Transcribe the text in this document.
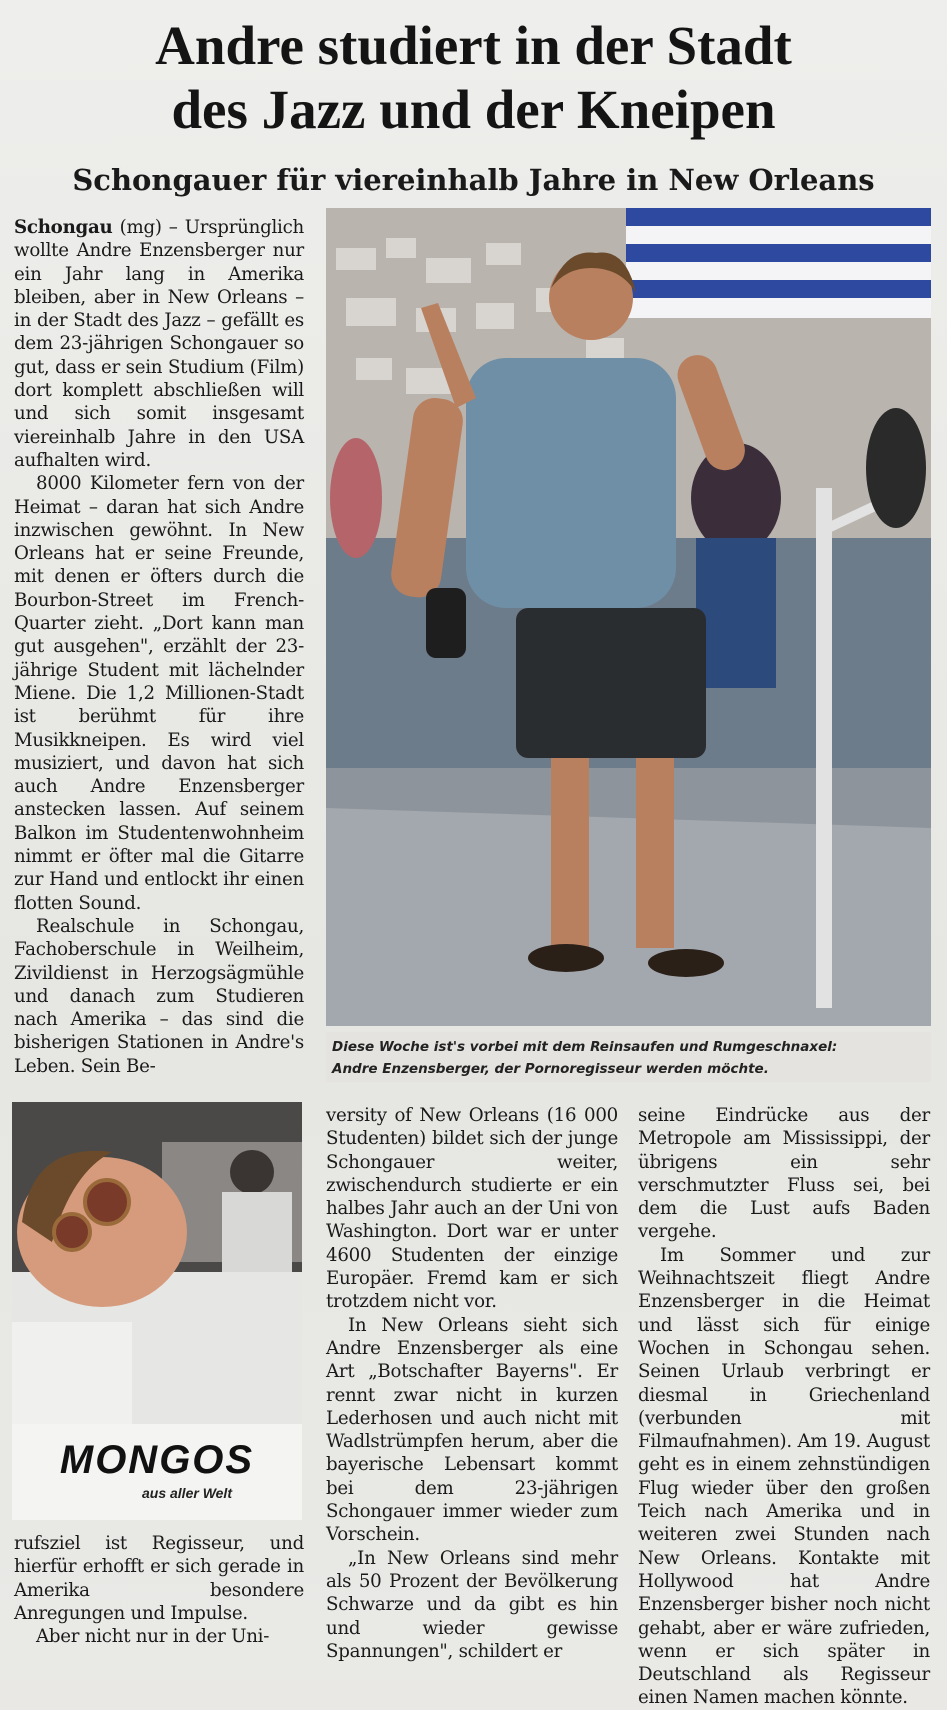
Andre studiert in der Stadt
des Jazz und der Kneipen
Schongauer für viereinhalb Jahre in New Orleans

Schongau (mg) – Ursprünglich wollte Andre Enzensberger nur ein Jahr lang in Amerika bleiben, aber in New Orleans – in der Stadt des Jazz – gefällt es dem 23-jährigen Schongauer so gut, dass er sein Studium (Film) dort komplett abschließen will und sich somit insgesamt viereinhalb Jahre in den USA aufhalten wird.

8000 Kilometer fern von der Heimat – daran hat sich Andre inzwischen gewöhnt. In New Orleans hat er seine Freunde, mit denen er öfters durch die Bourbon-Street im French-Quarter zieht. „Dort kann man gut ausgehen", erzählt der 23-jährige Student mit lächelnder Miene. Die 1,2 Millionen-Stadt ist berühmt für ihre Musikkneipen. Es wird viel musiziert, und davon hat sich auch Andre Enzensberger anstecken lassen. Auf seinem Balkon im Studentenwohnheim nimmt er öfter mal die Gitarre zur Hand und entlockt ihr einen flotten Sound.

Realschule in Schongau, Fachoberschule in Weilheim, Zivildienst in Herzogsägmühle und danach zum Studieren nach Amerika – das sind die bisherigen Stationen in Andre's Leben. Sein Be-

Diese Woche ist's vorbei mit dem Reinsaufen und Rumgeschnaxel:
Andre Enzensberger, der Pornoregisseur werden möchte.
MONGOS
aus aller Welt

rufsziel ist Regisseur, und hierfür erhofft er sich gerade in Amerika besondere Anregungen und Impulse.

Aber nicht nur in der Uni-

versity of New Orleans (16 000 Studenten) bildet sich der junge Schongauer weiter, zwischendurch studierte er ein halbes Jahr auch an der Uni von Washington. Dort war er unter 4600 Studenten der einzige Europäer. Fremd kam er sich trotzdem nicht vor.

In New Orleans sieht sich Andre Enzensberger als eine Art „Botschafter Bayerns". Er rennt zwar nicht in kurzen Lederhosen und auch nicht mit Wadlstrümpfen herum, aber die bayerische Lebensart kommt bei dem 23-jährigen Schongauer immer wieder zum Vorschein.

„In New Orleans sind mehr als 50 Prozent der Bevölkerung Schwarze und da gibt es hin und wieder gewisse Spannungen", schildert er

seine Eindrücke aus der Metropole am Mississippi, der übrigens ein sehr verschmutzter Fluss sei, bei dem die Lust aufs Baden vergehe.

Im Sommer und zur Weihnachtszeit fliegt Andre Enzensberger in die Heimat und lässt sich für einige Wochen in Schongau sehen. Seinen Urlaub verbringt er diesmal in Griechenland (verbunden mit Filmaufnahmen). Am 19. August geht es in einem zehnstündigen Flug wieder über den großen Teich nach Amerika und in weiteren zwei Stunden nach New Orleans. Kontakte mit Hollywood hat Andre Enzensberger bisher noch nicht gehabt, aber er wäre zufrieden, wenn er sich später in Deutschland als Regisseur einen Namen machen könnte.
